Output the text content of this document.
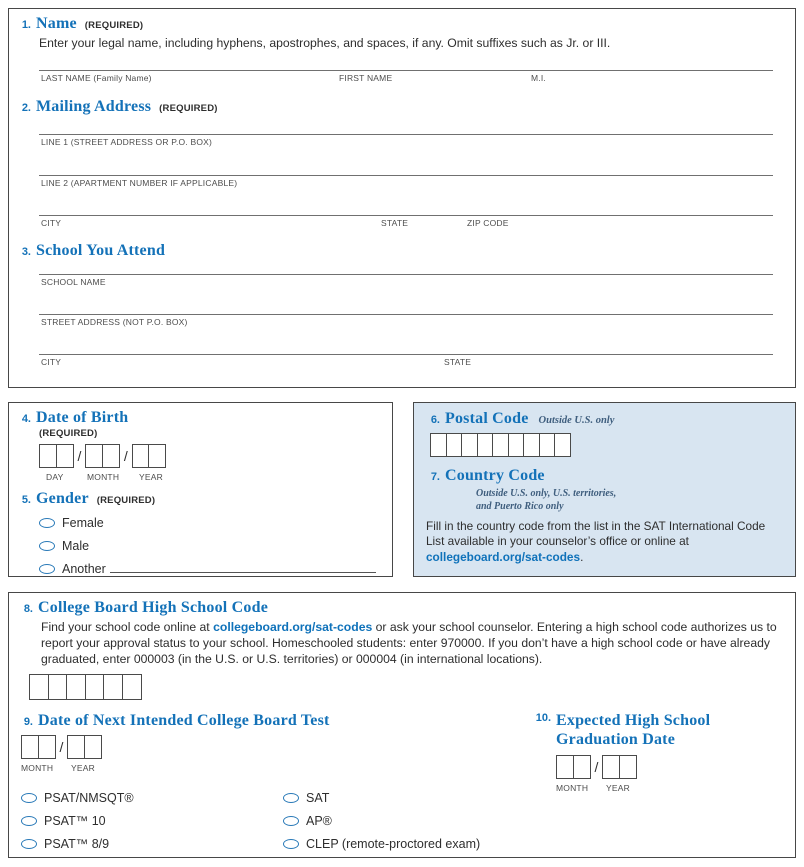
1. Name (REQUIRED)
Enter your legal name, including hyphens, apostrophes, and spaces, if any. Omit suffixes such as Jr. or III.
LAST NAME (Family Name)	FIRST NAME	M.I.
2. Mailing Address (REQUIRED)
LINE 1 (STREET ADDRESS OR P.O. BOX)
LINE 2 (APARTMENT NUMBER IF APPLICABLE)
CITY	STATE	ZIP CODE
3. School You Attend
SCHOOL NAME
STREET ADDRESS (NOT P.O. BOX)
CITY	STATE
4. Date of Birth
(REQUIRED)
/	/
DAY	MONTH YEAR
5. Gender (REQUIRED)
Female
Male
Another
6. Postal Code Outside U.S. only
7. Country Code
Outside U.S. only, U.S. territories,
and Puerto Rico only

Fill in the country code from the list in the SAT International Code List available in your counselor’s office or online at collegeboard.org/sat-codes.

8. College Board High School Code

Find your school code online at collegeboard.org/sat-codes or ask your school counselor. Entering a high school code authorizes us to report your approval status to your school. Homeschooled students: enter 970000. If you don’t have a high school code or have already graduated, enter 000003 (in the U.S. or U.S. territories) or 000004 (in international locations).

9. Date of Next Intended College Board Test
/
MONTH YEAR
PSAT/NMSQT®
PSAT™ 10
PSAT™ 8/9
SAT
AP®
CLEP (remote-proctored exam)
10. Expected High School Graduation Date
/
MONTH YEAR
